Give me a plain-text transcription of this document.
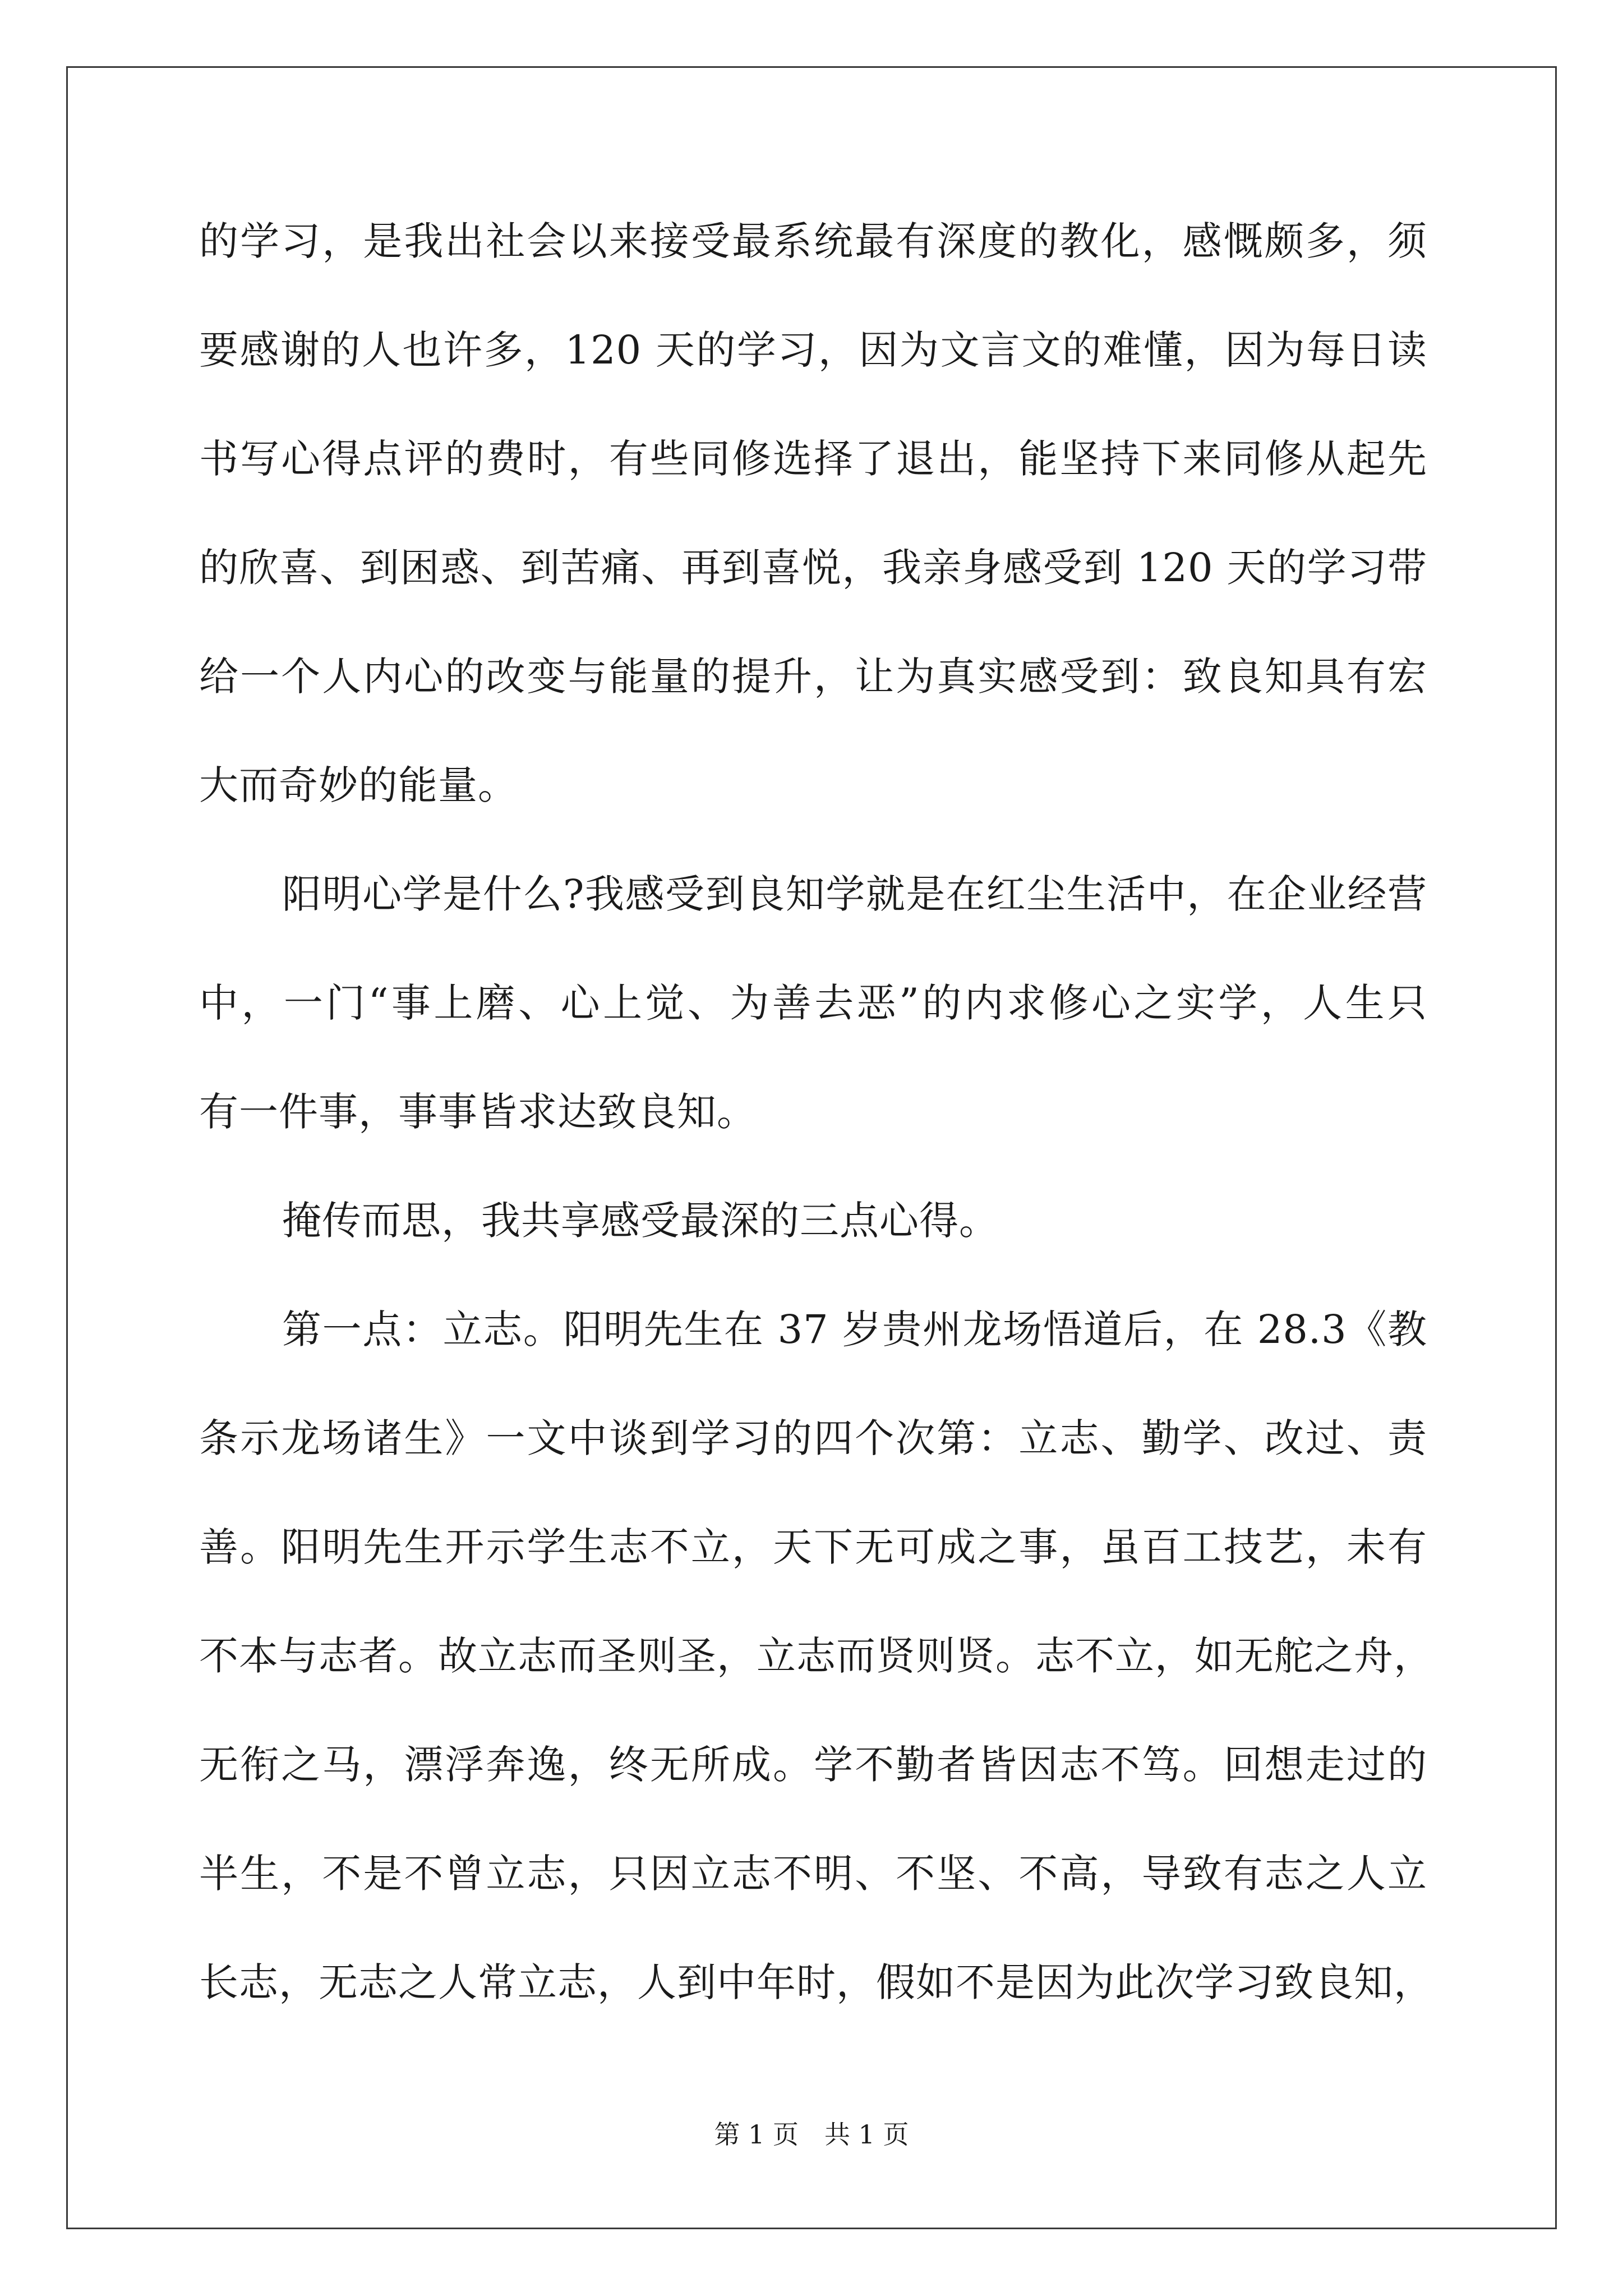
的学习，是我出社会以来接受最系统最有深度的教化，感慨颇多，须
要感谢的人也许多，120 天的学习，因为文言文的难懂，因为每日读
书写心得点评的费时，有些同修选择了退出，能坚持下来同修从起先
的欣喜、到困惑、到苦痛、再到喜悦，我亲身感受到 120 天的学习带
给一个人内心的改变与能量的提升，让为真实感受到：致良知具有宏
大而奇妙的能量。
阳明心学是什么?我感受到良知学就是在红尘生活中，在企业经营
中，一门“事上磨、心上觉、为善去恶”的内求修心之实学，人生只
有一件事，事事皆求达致良知。
掩传而思，我共享感受最深的三点心得。
第一点：立志。阳明先生在 37 岁贵州龙场悟道后，在 28.3《教
条示龙场诸生》一文中谈到学习的四个次第：立志、勤学、改过、责
善。阳明先生开示学生志不立，天下无可成之事，虽百工技艺，未有
不本与志者。故立志而圣则圣，立志而贤则贤。志不立，如无舵之舟，
无衔之马，漂浮奔逸，终无所成。学不勤者皆因志不笃。回想走过的
半生，不是不曾立志，只因立志不明、不坚、不高，导致有志之人立
长志，无志之人常立志，人到中年时，假如不是因为此次学习致良知，
第 1 页　共 1 页
